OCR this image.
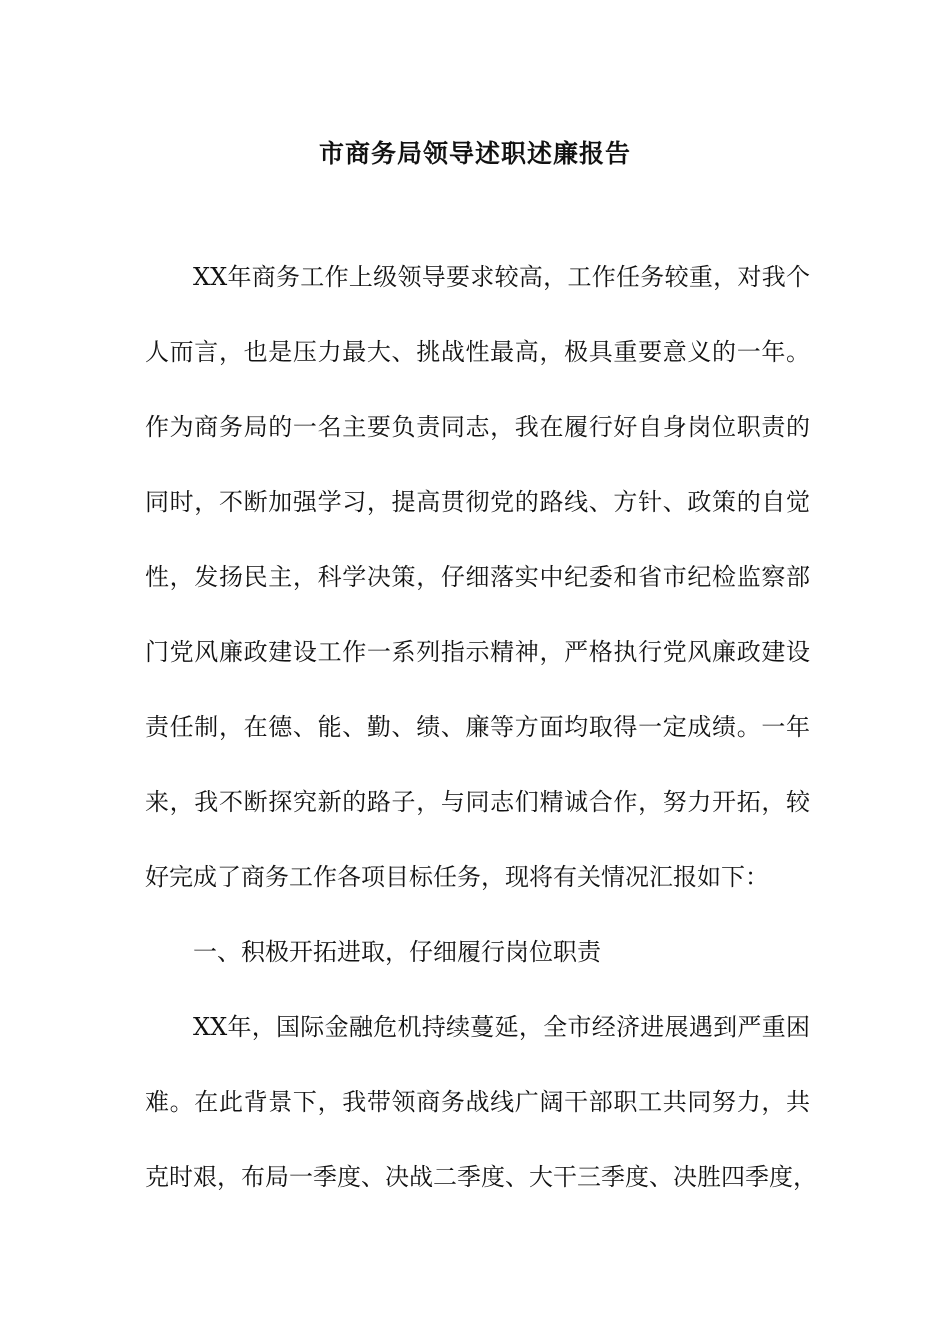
市商务局领导述职述廉报告
XX年商务工作上级领导要求较高，工作任务较重，对我个
人而言，也是压力最大、挑战性最高，极具重要意义的一年。
作为商务局的一名主要负责同志，我在履行好自身岗位职责的
同时，不断加强学习，提高贯彻党的路线、方针、政策的自觉
性，发扬民主，科学决策，仔细落实中纪委和省市纪检监察部
门党风廉政建设工作一系列指示精神，严格执行党风廉政建设
责任制，在德、能、勤、绩、廉等方面均取得一定成绩。一年
来，我不断探究新的路子，与同志们精诚合作，努力开拓，较
好完成了商务工作各项目标任务，现将有关情况汇报如下：
一、积极开拓进取，仔细履行岗位职责
XX年，国际金融危机持续蔓延，全市经济进展遇到严重困
难。在此背景下，我带领商务战线广阔干部职工共同努力，共
克时艰，布局一季度、决战二季度、大干三季度、决胜四季度，
